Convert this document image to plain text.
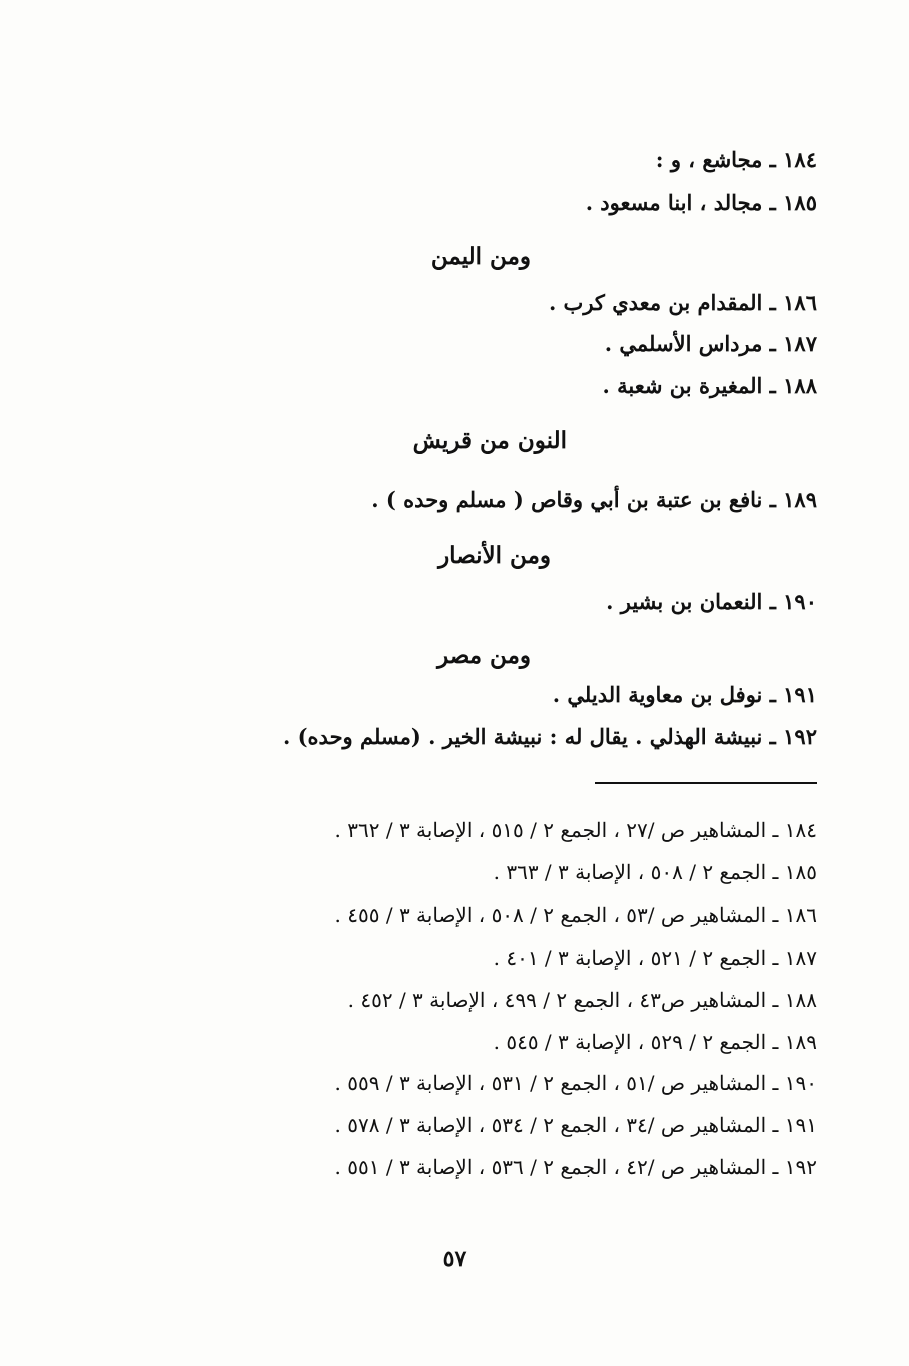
١٨٤ ـ مجاشع ، و :
١٨٥ ـ مجالد ، ابنا مسعود .
ومن اليمن
١٨٦ ـ المقدام بن معدي كرب .
١٨٧ ـ مرداس الأسلمي .
١٨٨ ـ المغيرة بن شعبة .
النون من قريش
١٨٩ ـ نافع بن عتبة بن أبي وقاص ( مسلم وحده ) .
ومن الأنصار
١٩٠ ـ النعمان بن بشير .
ومن مصر
١٩١ ـ نوفل بن معاوية الديلي .
١٩٢ ـ نبيشة الهذلي . يقال له : نبيشة الخير . (مسلم وحده) .
١٨٤ ـ المشاهير ص /٢٧ ، الجمع ٢ / ٥١٥ ، الإصابة ٣ / ٣٦٢ .
١٨٥ ـ الجمع ٢ / ٥٠٨ ، الإصابة ٣ / ٣٦٣ .
١٨٦ ـ المشاهير ص /٥٣ ، الجمع ٢ / ٥٠٨ ، الإصابة ٣ / ٤٥٥ .
١٨٧ ـ الجمع ٢ / ٥٢١ ، الإصابة ٣ / ٤٠١ .
١٨٨ ـ المشاهير ص٤٣ ، الجمع ٢ / ٤٩٩ ، الإصابة ٣ / ٤٥٢ .
١٨٩ ـ الجمع ٢ / ٥٢٩ ، الإصابة ٣ / ٥٤٥ .
١٩٠ ـ المشاهير ص /٥١ ، الجمع ٢ / ٥٣١ ، الإصابة ٣ / ٥٥٩ .
١٩١ ـ المشاهير ص /٣٤ ، الجمع ٢ / ٥٣٤ ، الإصابة ٣ / ٥٧٨ .
١٩٢ ـ المشاهير ص /٤٢ ، الجمع ٢ / ٥٣٦ ، الإصابة ٣ / ٥٥١ .
٥٧
